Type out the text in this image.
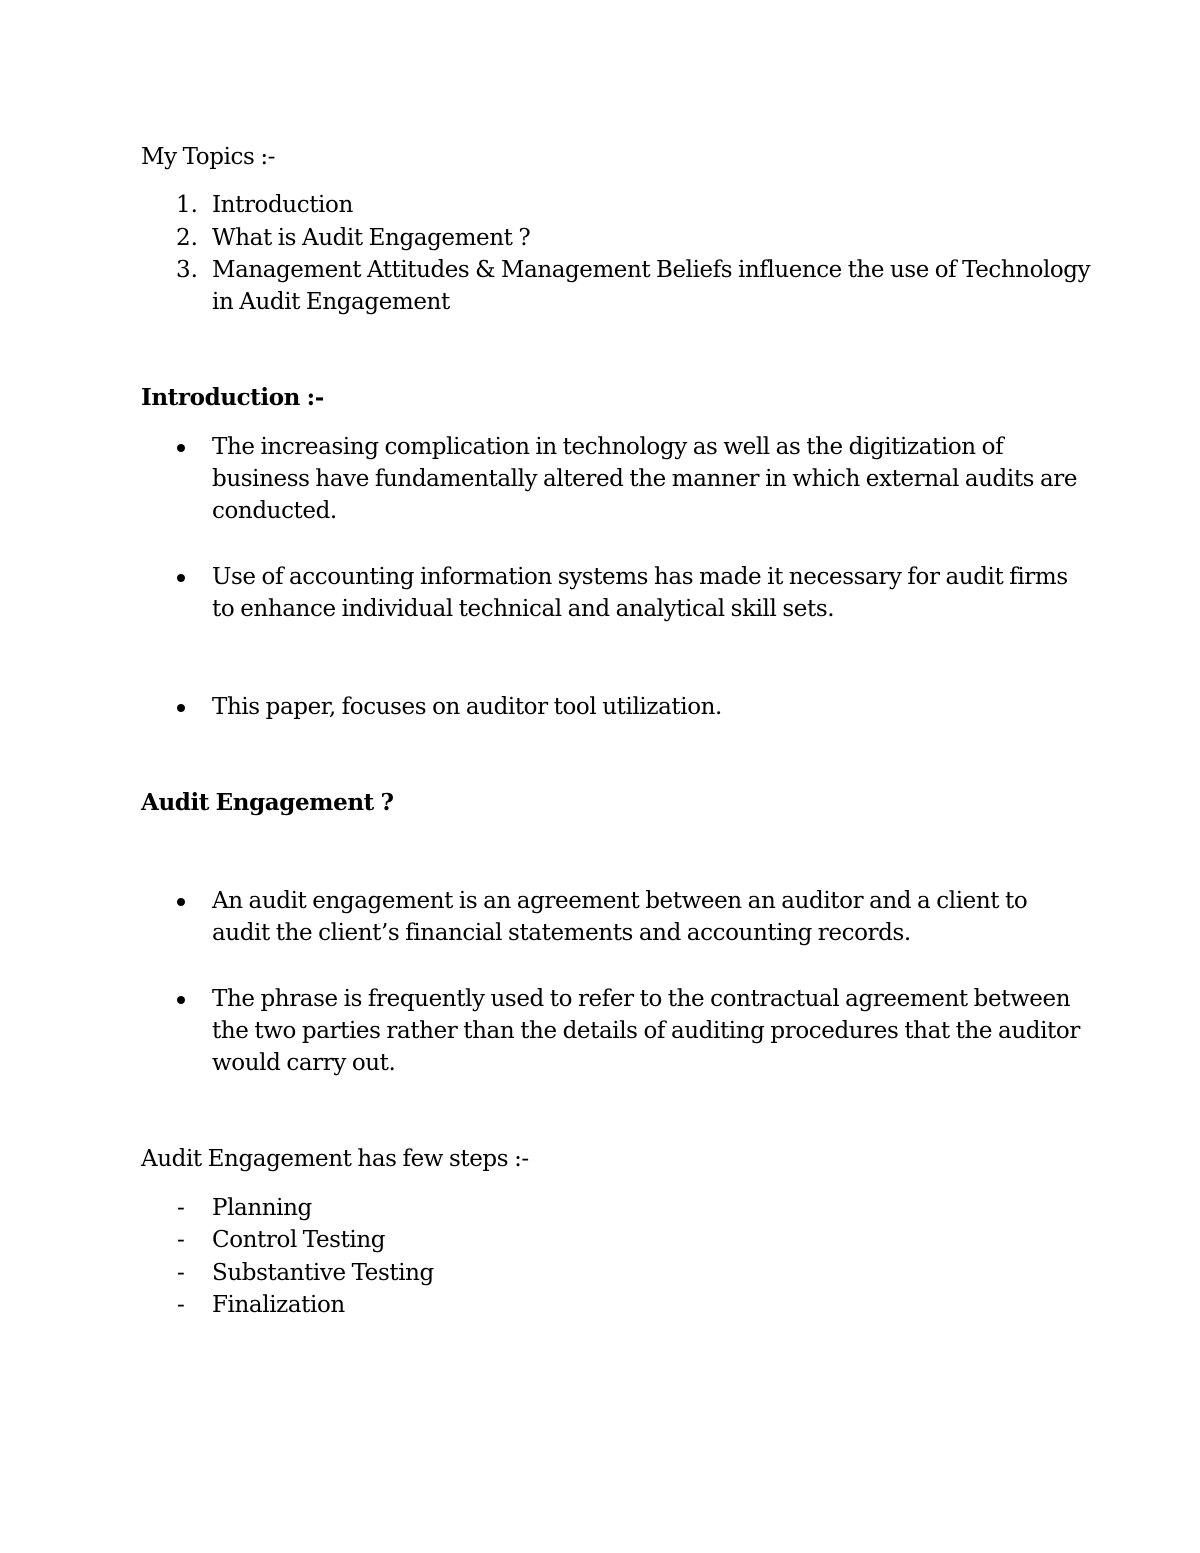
My Topics :-
1. Introduction
2. What is Audit Engagement ?
3. Management Attitudes & Management Beliefs influence the use of Technology
in Audit Engagement
Introduction :-
The increasing complication in technology as well as the digitization of
business have fundamentally altered the manner in which external audits are
conducted.
Use of accounting information systems has made it necessary for audit firms
to enhance individual technical and analytical skill sets.
This paper, focuses on auditor tool utilization.
Audit Engagement ?
An audit engagement is an agreement between an auditor and a client to
audit the client’s financial statements and accounting records.
The phrase is frequently used to refer to the contractual agreement between
the two parties rather than the details of auditing procedures that the auditor
would carry out.
Audit Engagement has few steps :-
- Planning
- Control Testing
- Substantive Testing
- Finalization
